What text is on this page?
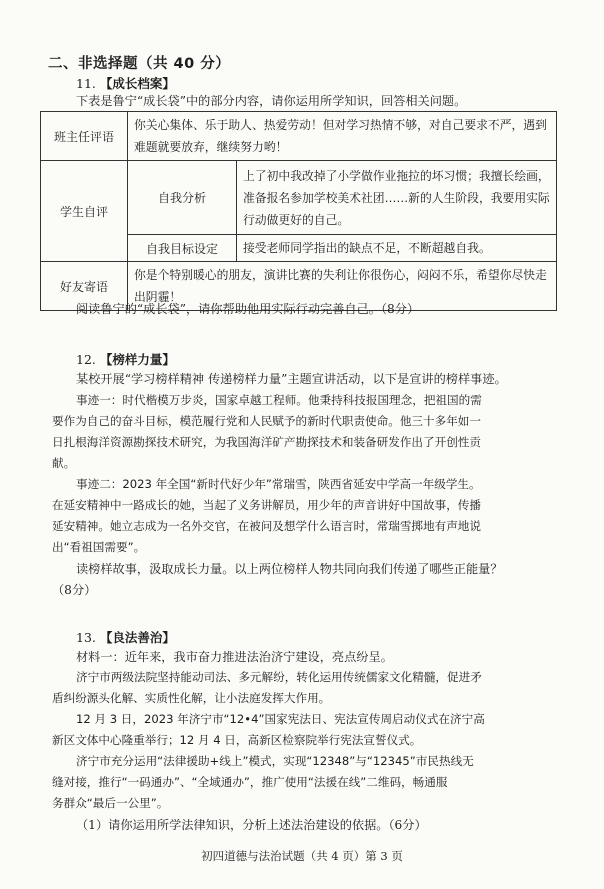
二、非选择题（共 40 分）
11. 【成长档案】
下表是鲁宁“成长袋”中的部分内容，请你运用所学知识，回答相关问题。
班主任评语	你关心集体、乐于助人、热爱劳动！但对学习热情不够，对自己要求不严，遇到难题就要放弃，继续努力哟！	
学生自评	自我分析	上了初中我改掉了小学做作业拖拉的坏习惯；我擅长绘画，准备报名参加学校美术社团……新的人生阶段，我要用实际行动做更好的自己。
	自我目标设定	接受老师同学指出的缺点不足，不断超越自我。
好友寄语	你是个特别暖心的朋友，演讲比赛的失利让你很伤心，闷闷不乐，希望你尽快走出阴霾！	
阅读鲁宁的“成长袋”，请你帮助他用实际行动完善自己。（8分）
12. 【榜样力量】
某校开展“学习榜样精神 传递榜样力量”主题宣讲活动，以下是宣讲的榜样事迹。
事迹一：时代楷模万步炎，国家卓越工程师。他秉持科技报国理念，把祖国的需
要作为自己的奋斗目标，模范履行党和人民赋予的新时代职责使命。他三十多年如一
日扎根海洋资源勘探技术研究，为我国海洋矿产勘探技术和装备研发作出了开创性贡
献。
事迹二：2023 年全国“新时代好少年”常瑞雪，陕西省延安中学高一年级学生。
在延安精神中一路成长的她，当起了义务讲解员，用少年的声音讲好中国故事，传播
延安精神。她立志成为一名外交官，在被问及想学什么语言时，常瑞雪掷地有声地说
出“看祖国需要”。
读榜样故事，汲取成长力量。以上两位榜样人物共同向我们传递了哪些正能量？
（8分）
13. 【良法善治】
材料一：近年来，我市奋力推进法治济宁建设，亮点纷呈。
济宁市两级法院坚持能动司法、多元解纷，转化运用传统儒家文化精髓，促进矛
盾纠纷源头化解、实质性化解，让小法庭发挥大作用。
12 月 3 日，2023 年济宁市“12•4”国家宪法日、宪法宣传周启动仪式在济宁高
新区文体中心隆重举行；12 月 4 日，高新区检察院举行宪法宣誓仪式。
济宁市充分运用“法律援助+线上”模式，实现“12348”与“12345”市民热线无
缝对接，推行“一码通办”、“全域通办”，推广使用“法援在线”二维码，畅通服
务群众“最后一公里”。
（1）请你运用所学法律知识，分析上述法治建设的依据。（6分）
初四道德与法治试题（共 4 页）第 3 页
